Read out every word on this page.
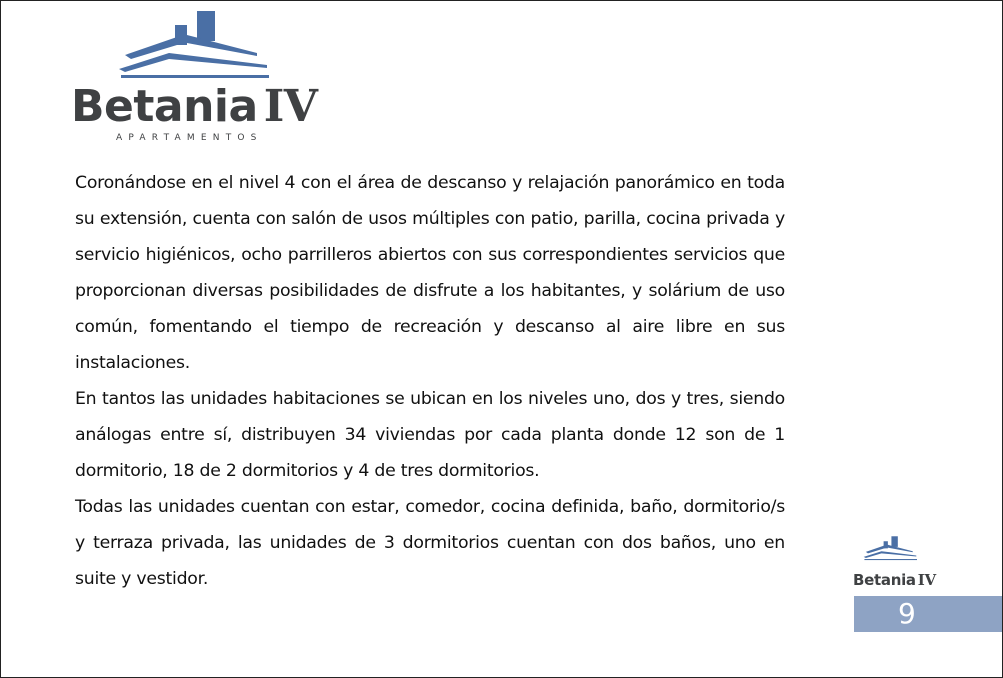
Betania IV
APARTAMENTOS

Coronándose en el nivel 4 con el área de descanso y relajación panorámico en toda su extensión, cuenta con salón de usos múltiples con patio, parilla, cocina privada y servicio higiénicos, ocho parrilleros abiertos con sus correspondientes servicios que proporcionan diversas posibilidades de disfrute a los habitantes, y solárium de uso común, fomentando el tiempo de recreación y descanso al aire libre en sus instalaciones.

En tantos las unidades habitaciones se ubican en los niveles uno, dos y tres, siendo análogas entre sí, distribuyen 34 viviendas por cada planta donde 12 son de 1 dormitorio, 18 de 2 dormitorios y 4 de tres dormitorios.

Todas las unidades cuentan con estar, comedor, cocina definida, baño, dormitorio/s y terraza privada, las unidades de 3 dormitorios cuentan con dos baños, uno en suite y vestidor.	Betania IV
9
